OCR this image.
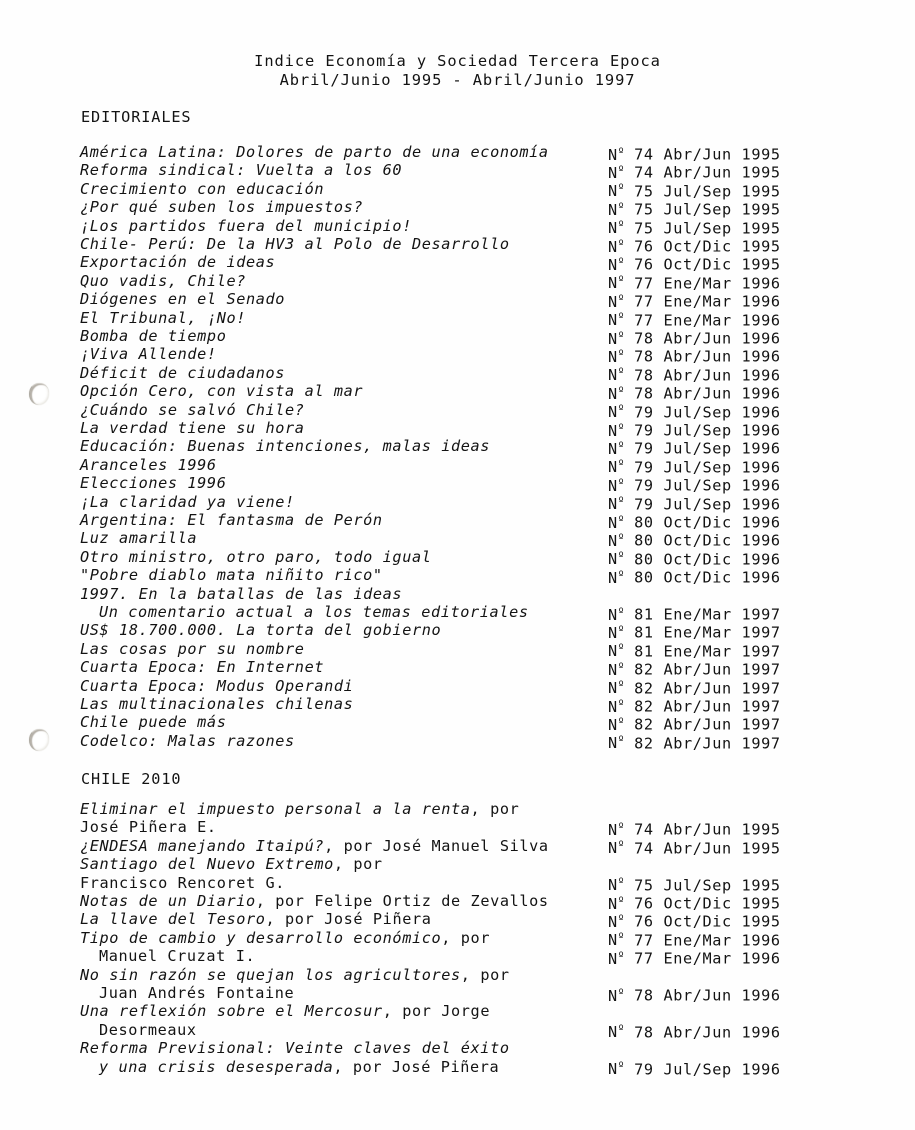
Indice Economía y Sociedad Tercera Epoca
Abril/Junio 1995 - Abril/Junio 1997
EDITORIALES
América Latina: Dolores de parto de una economía	$N^º$ 74 Abr/Jun 1995
Reforma sindical: Vuelta a los 60	$N^º$ 74 Abr/Jun 1995
Crecimiento con educación	$N^º$ 75 Jul/Sep 1995
¿Por qué suben los impuestos?	$N^º$ 75 Jul/Sep 1995
¡Los partidos fuera del municipio!	$N^º$ 75 Jul/Sep 1995
Chile- Perú: De la HV3 al Polo de Desarrollo	$N^º$ 76 Oct/Dic 1995
Exportación de ideas	$N^º$ 76 Oct/Dic 1995
Quo vadis, Chile?	$N^º$ 77 Ene/Mar 1996
Diógenes en el Senado	$N^º$ 77 Ene/Mar 1996
El Tribunal, ¡No!	$N^º$ 77 Ene/Mar 1996
Bomba de tiempo	$N^º$ 78 Abr/Jun 1996
¡Viva Allende!	$N^º$ 78 Abr/Jun 1996
Déficit de ciudadanos	$N^º$ 78 Abr/Jun 1996
Opción Cero, con vista al mar	$N^º$ 78 Abr/Jun 1996
¿Cuándo se salvó Chile?	$N^º$ 79 Jul/Sep 1996
La verdad tiene su hora	$N^º$ 79 Jul/Sep 1996
Educación: Buenas intenciones, malas ideas	$N^º$ 79 Jul/Sep 1996
Aranceles 1996	$N^º$ 79 Jul/Sep 1996
Elecciones 1996	$N^º$ 79 Jul/Sep 1996
¡La claridad ya viene!	$N^º$ 79 Jul/Sep 1996
Argentina: El fantasma de Perón	$N^º$ 80 Oct/Dic 1996
Luz amarilla	$N^º$ 80 Oct/Dic 1996
Otro ministro, otro paro, todo igual	$N^º$ 80 Oct/Dic 1996
"Pobre diablo mata niñito rico"	$N^º$ 80 Oct/Dic 1996
1997. En la batallas de las ideas
Un comentario actual a los temas editoriales	$N^º$ 81 Ene/Mar 1997
US$ 18.700.000. La torta del gobierno	$N^º$ 81 Ene/Mar 1997
Las cosas por su nombre	$N^º$ 81 Ene/Mar 1997
Cuarta Epoca: En Internet	$N^º$ 82 Abr/Jun 1997
Cuarta Epoca: Modus Operandi	$N^º$ 82 Abr/Jun 1997
Las multinacionales chilenas	$N^º$ 82 Abr/Jun 1997
Chile puede más	$N^º$ 82 Abr/Jun 1997
Codelco: Malas razones	$N^º$ 82 Abr/Jun 1997
CHILE 2010
Eliminar el impuesto personal a la renta, por
José Piñera E.	$N^º$ 74 Abr/Jun 1995
¿ENDESA manejando Itaipú?, por José Manuel Silva	$N^º$ 74 Abr/Jun 1995
Santiago del Nuevo Extremo, por
Francisco Rencoret G.	$N^º$ 75 Jul/Sep 1995
Notas de un Diario, por Felipe Ortiz de Zevallos	$N^º$ 76 Oct/Dic 1995
La llave del Tesoro, por José Piñera	$N^º$ 76 Oct/Dic 1995
Tipo de cambio y desarrollo económico, por	$N^º$ 77 Ene/Mar 1996
Manuel Cruzat I.	$N^º$ 77 Ene/Mar 1996
No sin razón se quejan los agricultores, por
Juan Andrés Fontaine	$N^º$ 78 Abr/Jun 1996
Una reflexión sobre el Mercosur, por Jorge
Desormeaux	$N^º$ 78 Abr/Jun 1996
Reforma Previsional: Veinte claves del éxito
y una crisis desesperada, por José Piñera	$N^º$ 79 Jul/Sep 1996
